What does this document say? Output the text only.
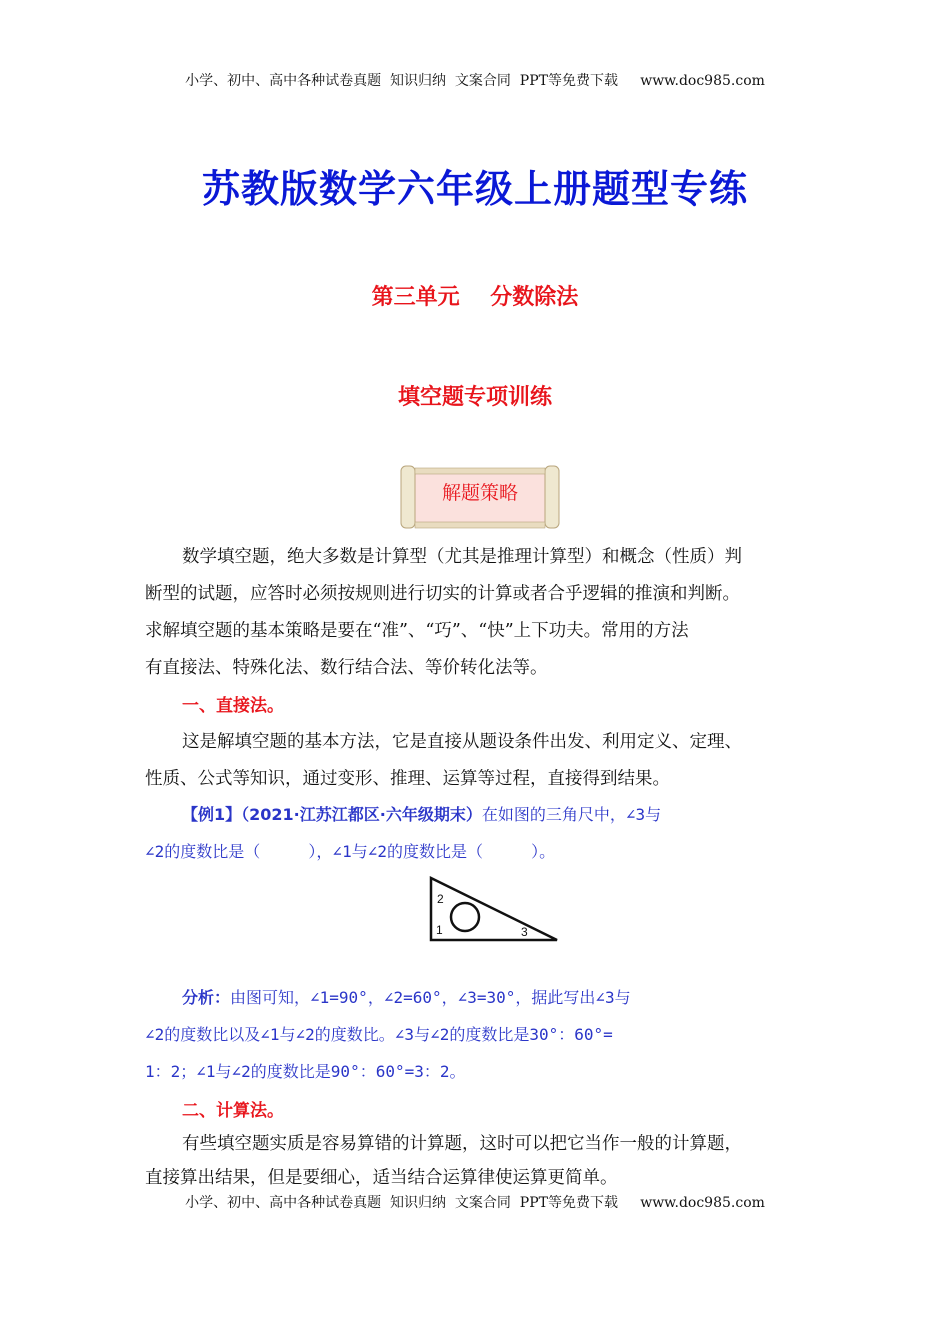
小学、初中、高中各种试卷真题  知识归纳  文案合同  PPT等免费下载     www.doc985.com
苏教版数学六年级上册题型专练
第三单元    分数除法
填空题专项训练
解题策略
数学填空题，绝大多数是计算型（尤其是推理计算型）和概念（性质）判
断型的试题，应答时必须按规则进行切实的计算或者合乎逻辑的推演和判断。
求解填空题的基本策略是要在“准”、“巧”、“快”上下功夫。常用的方法
有直接法、特殊化法、数行结合法、等价转化法等。
一、直接法。
这是解填空题的基本方法，它是直接从题设条件出发、利用定义、定理、
性质、公式等知识，通过变形、推理、运算等过程，直接得到结果。
【例1】（2021·江苏江都区·六年级期末）在如图的三角尺中，∠3与
∠2的度数比是（     ），∠1与∠2的度数比是（     ）。
1
2
3
分析：由图可知，∠1=90°，∠2=60°，∠3=30°，据此写出∠3与
∠2的度数比以及∠1与∠2的度数比。∠3与∠2的度数比是30°：60°=
1：2；∠1与∠2的度数比是90°：60°=3：2。
二、计算法。
有些填空题实质是容易算错的计算题，这时可以把它当作一般的计算题，
直接算出结果，但是要细心，适当结合运算律使运算更简单。
小学、初中、高中各种试卷真题  知识归纳  文案合同  PPT等免费下载     www.doc985.com
